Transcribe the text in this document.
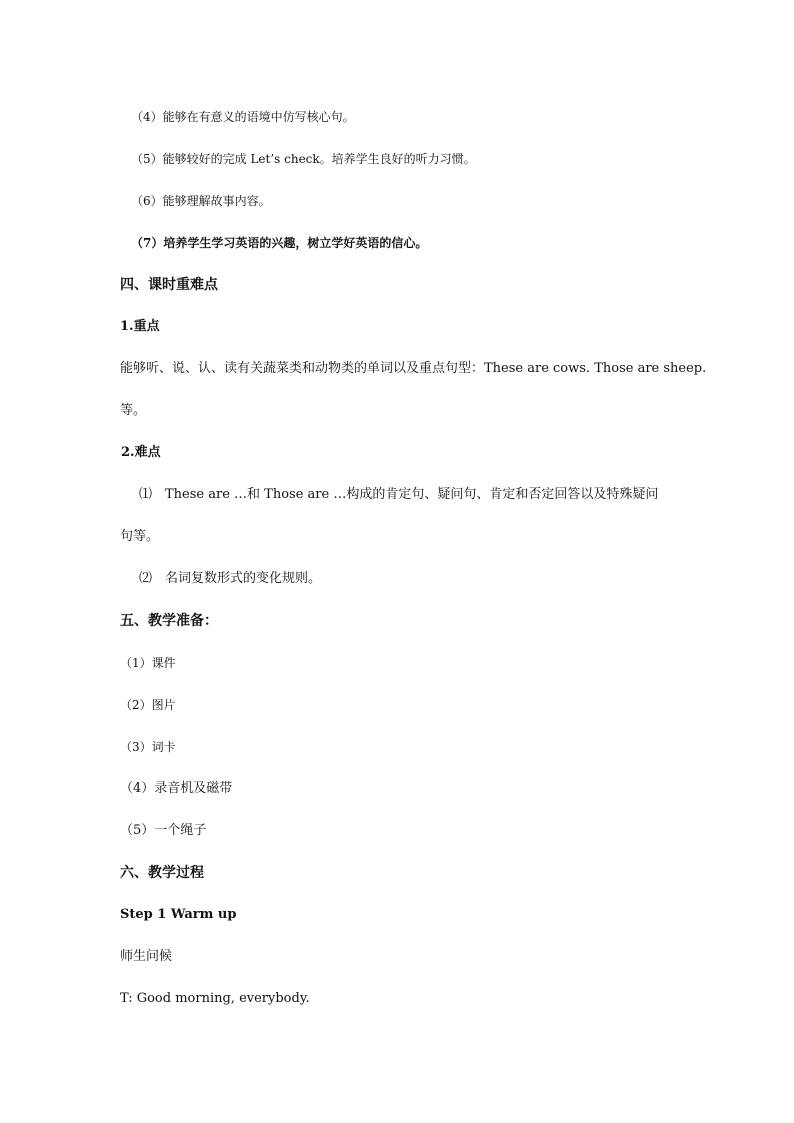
（4）能够在有意义的语境中仿写核心句。
（5）能够较好的完成 Let’s check。培养学生良好的听力习惯。
（6）能够理解故事内容。
（7）培养学生学习英语的兴趣，树立学好英语的信心。
四、课时重难点
1.重点
能够听、说、认、读有关蔬菜类和动物类的单词以及重点句型：These are cows. Those are sheep.
等。
2.难点
⑴　These are …和 Those are …构成的肯定句、疑问句、肯定和否定回答以及特殊疑问
句等。
⑵　名词复数形式的变化规则。
五、教学准备：
（1）课件
（2）图片
（3）词卡
（4）录音机及磁带
（5）一个绳子
六、教学过程
Step 1 Warm up
师生问候
T: Good morning, everybody.
